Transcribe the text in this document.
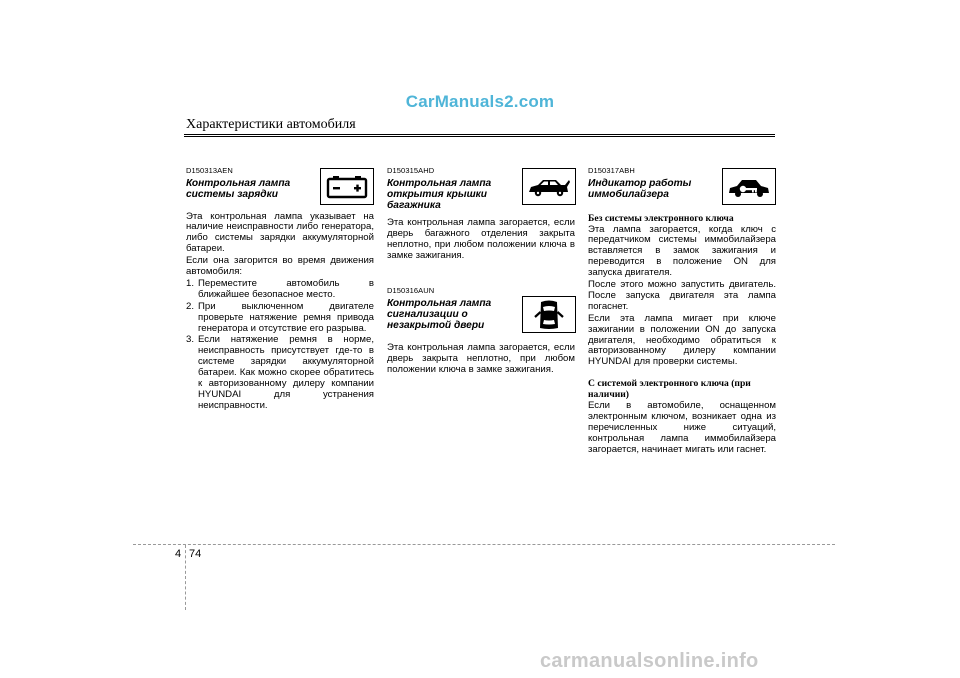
CarManuals2.com
Характеристики автомобиля
D150313AEN
Контрольная лампа
системы зарядки

Эта контрольная лампа указывает на наличие неисправности либо генератора, либо системы зарядки аккумуляторной батареи.

Если она загорится во время движения автомобиля:

1. Переместите автомобиль в ближайшее безопасное место.
2. При выключенном двигателе проверьте натяжение ремня привода генератора и отсутствие его разрыва.
3. Если натяжение ремня в норме, неисправность присутствует где-то в системе зарядки аккумуляторной батареи. Как можно скорее обратитесь к авторизованному дилеру компании HYUNDAI для устранения неисправности.
D150315AHD
Контрольная лампа
открытия крышки
багажника

Эта контрольная лампа загорается, если дверь багажного отделения закрыта неплотно, при любом положении ключа в замке зажигания.

D150316AUN
Контрольная лампа
сигнализации о
незакрытой двери

Эта контрольная лампа загорается, если дверь закрыта неплотно, при любом положении ключа в замке зажигания.

D150317ABH
Индикатор работы
иммобилайзера
Без системы электронного ключа

Эта лампа загорается, когда ключ с передатчиком системы иммобилайзера вставляется в замок зажигания и переводится в положение ON для запуска двигателя.

После этого можно запустить двигатель. После запуска двигателя эта лампа погаснет.

Если эта лампа мигает при ключе зажигании в положении ON до запуска двигателя, необходимо обратиться к авторизованному дилеру компании HYUNDAI для проверки системы.

С системой электронного ключа (при
наличии)

Если в автомобиле, оснащенном электронным ключом, возникает одна из перечисленных ниже ситуаций, контрольная лампа иммобилайзера загорается, начинает мигать или гаснет.

4 74
carmanualsonline.info
